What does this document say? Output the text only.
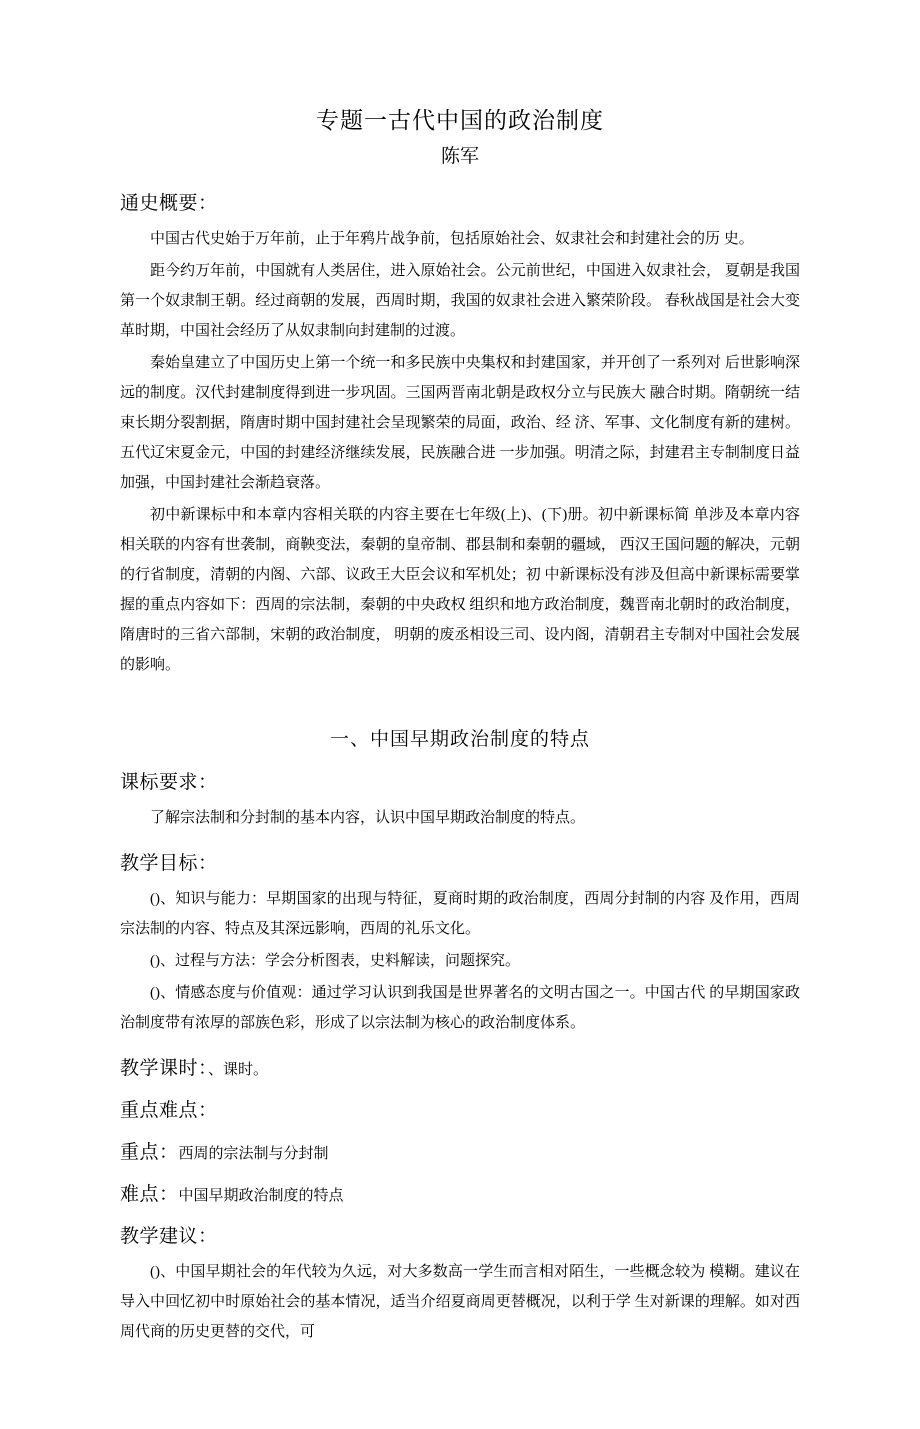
专题一古代中国的政治制度
陈军
通史概要：

中国古代史始于万年前，止于年鸦片战争前，包括原始社会、奴隶社会和封建社会的历 史。

距今约万年前，中国就有人类居住，进入原始社会。公元前世纪，中国进入奴隶社会， 夏朝是我国第一个奴隶制王朝。经过商朝的发展，西周时期，我国的奴隶社会进入繁荣阶段。 春秋战国是社会大变革时期，中国社会经历了从奴隶制向封建制的过渡。

秦始皇建立了中国历史上第一个统一和多民族中央集权和封建国家，并开创了一系列对 后世影响深远的制度。汉代封建制度得到进一步巩固。三国两晋南北朝是政权分立与民族大 融合时期。隋朝统一结束长期分裂割据，隋唐时期中国封建社会呈现繁荣的局面，政治、经 济、军事、文化制度有新的建树。五代辽宋夏金元，中国的封建经济继续发展，民族融合进 一步加强。明清之际，封建君主专制制度日益加强，中国封建社会渐趋衰落。

初中新课标中和本章内容相关联的内容主要在七年级(上)、(下)册。初中新课标简 单涉及本章内容相关联的内容有世袭制，商鞅变法，秦朝的皇帝制、郡县制和秦朝的疆域， 西汉王国问题的解决，元朝的行省制度，清朝的内阁、六部、议政王大臣会议和军机处；初 中新课标没有涉及但高中新课标需要掌握的重点内容如下：西周的宗法制，秦朝的中央政权 组织和地方政治制度，魏晋南北朝时的政治制度，隋唐时的三省六部制，宋朝的政治制度， 明朝的废丞相设三司、设内阁，清朝君主专制对中国社会发展的影响。

一、中国早期政治制度的特点
课标要求：

了解宗法制和分封制的基本内容，认识中国早期政治制度的特点。

教学目标：

()、知识与能力：早期国家的出现与特征，夏商时期的政治制度，西周分封制的内容 及作用，西周宗法制的内容、特点及其深远影响，西周的礼乐文化。

()、过程与方法：学会分析图表，史料解读，问题探究。

()、情感态度与价值观：通过学习认识到我国是世界著名的文明古国之一。中国古代 的早期国家政治制度带有浓厚的部族色彩，形成了以宗法制为核心的政治制度体系。

教学课时：、课时。
重点难点：
重点：西周的宗法制与分封制
难点：中国早期政治制度的特点
教学建议：

()、中国早期社会的年代较为久远，对大多数高一学生而言相对陌生，一些概念较为 模糊。建议在导入中回忆初中时原始社会的基本情况，适当介绍夏商周更替概况，以利于学 生对新课的理解。如对西周代商的历史更替的交代，可
